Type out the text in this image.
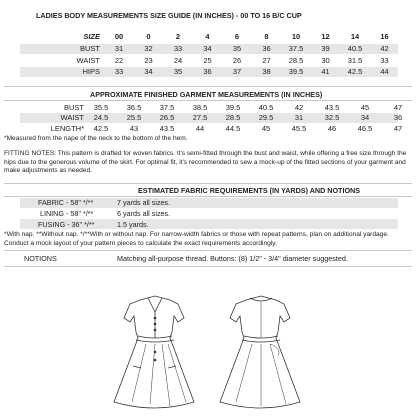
LADIES BODY MEASUREMENTS SIZE GUIDE (IN INCHES) - 00 TO 16 B/C CUP
SIZE	00	0	2	4	6	8	10	12	14	16
BUST	31	32	33	34	35	36	37.5	39	40.5	42
WAIST	22	23	24	25	26	27	28.5	30	31.5	33
HIPS	33	34	35	36	37	38	39.5	41	42.5	44
APPROXIMATE FINISHED GARMENT MEASUREMENTS (IN INCHES)
BUST	35.5	36.5	37.5	38.5	39.5	40.5	42	43.5	45	47
WAIST	24.5	25.5	26.5	27.5	28.5	29.5	31	32.5	34	36
LENGTH*	42.5	43	43.5	44	44.5	45	45.5	46	46.5	47
*Measured from the nape of the neck to the bottom of the hem.
FITTING NOTES: This pattern is drafted for woven fabrics. It's semi-fitted through the bust and waist, while offering a free size through the hips due to the generous volume of the skirt. For optimal fit, it's recommended to sew a mock-up of the fitted sections of your garment and make adjustments as needed.
ESTIMATED FABRIC REQUIREMENTS (IN YARDS) AND NOTIONS
FABRIC - 58" */**	7 yards all sizes.
LINING - 58" */**	6 yards all sizes.
FUSING - 36" */**	1.5 yards.
*With nap. **Without nap. */**With or without nap. For narrow-width fabrics or those with repeat patterns, plan on additional yardage. Conduct a mock layout of your pattern pieces to calculate the exact requirements accordingly.
NOTIONS	Matching all-purpose thread. Buttons: (8) 1/2" - 3/4" diameter suggested.
